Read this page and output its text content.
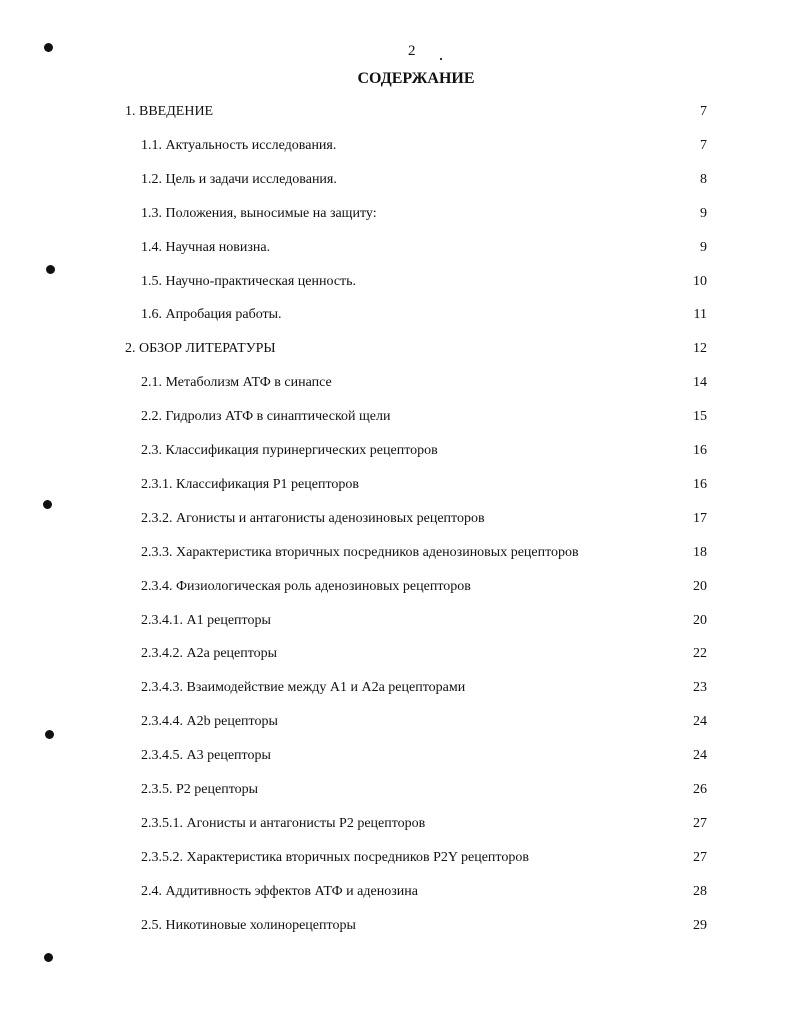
2
СОДЕРЖАНИЕ
1. ВВЕДЕНИЕ	7
1.1. Актуальность исследования.	7
1.2. Цель и задачи исследования.	8
1.3. Положения, выносимые на защиту:	9
1.4. Научная новизна.	9
1.5. Научно-практическая ценность.	10
1.6. Апробация работы.	11
2. ОБЗОР ЛИТЕРАТУРЫ	12
2.1. Метаболизм АТФ в синапсе	14
2.2. Гидролиз АТФ в синаптической щели	15
2.3. Классификация пуринергических рецепторов	16
2.3.1. Классификация Р1 рецепторов	16
2.3.2. Агонисты и антагонисты аденозиновых рецепторов	17
2.3.3. Характеристика вторичных посредников аденозиновых рецепторов	18
2.3.4. Физиологическая роль аденозиновых рецепторов	20
2.3.4.1. А1 рецепторы	20
2.3.4.2. А2а рецепторы	22
2.3.4.3. Взаимодействие между А1 и А2а рецепторами	23
2.3.4.4. А2b рецепторы	24
2.3.4.5. А3 рецепторы	24
2.3.5. Р2 рецепторы	26
2.3.5.1. Агонисты и антагонисты Р2 рецепторов	27
2.3.5.2. Характеристика вторичных посредников P2Y рецепторов	27
2.4. Аддитивность эффектов АТФ и аденозина	28
2.5. Никотиновые холинорецепторы	29
